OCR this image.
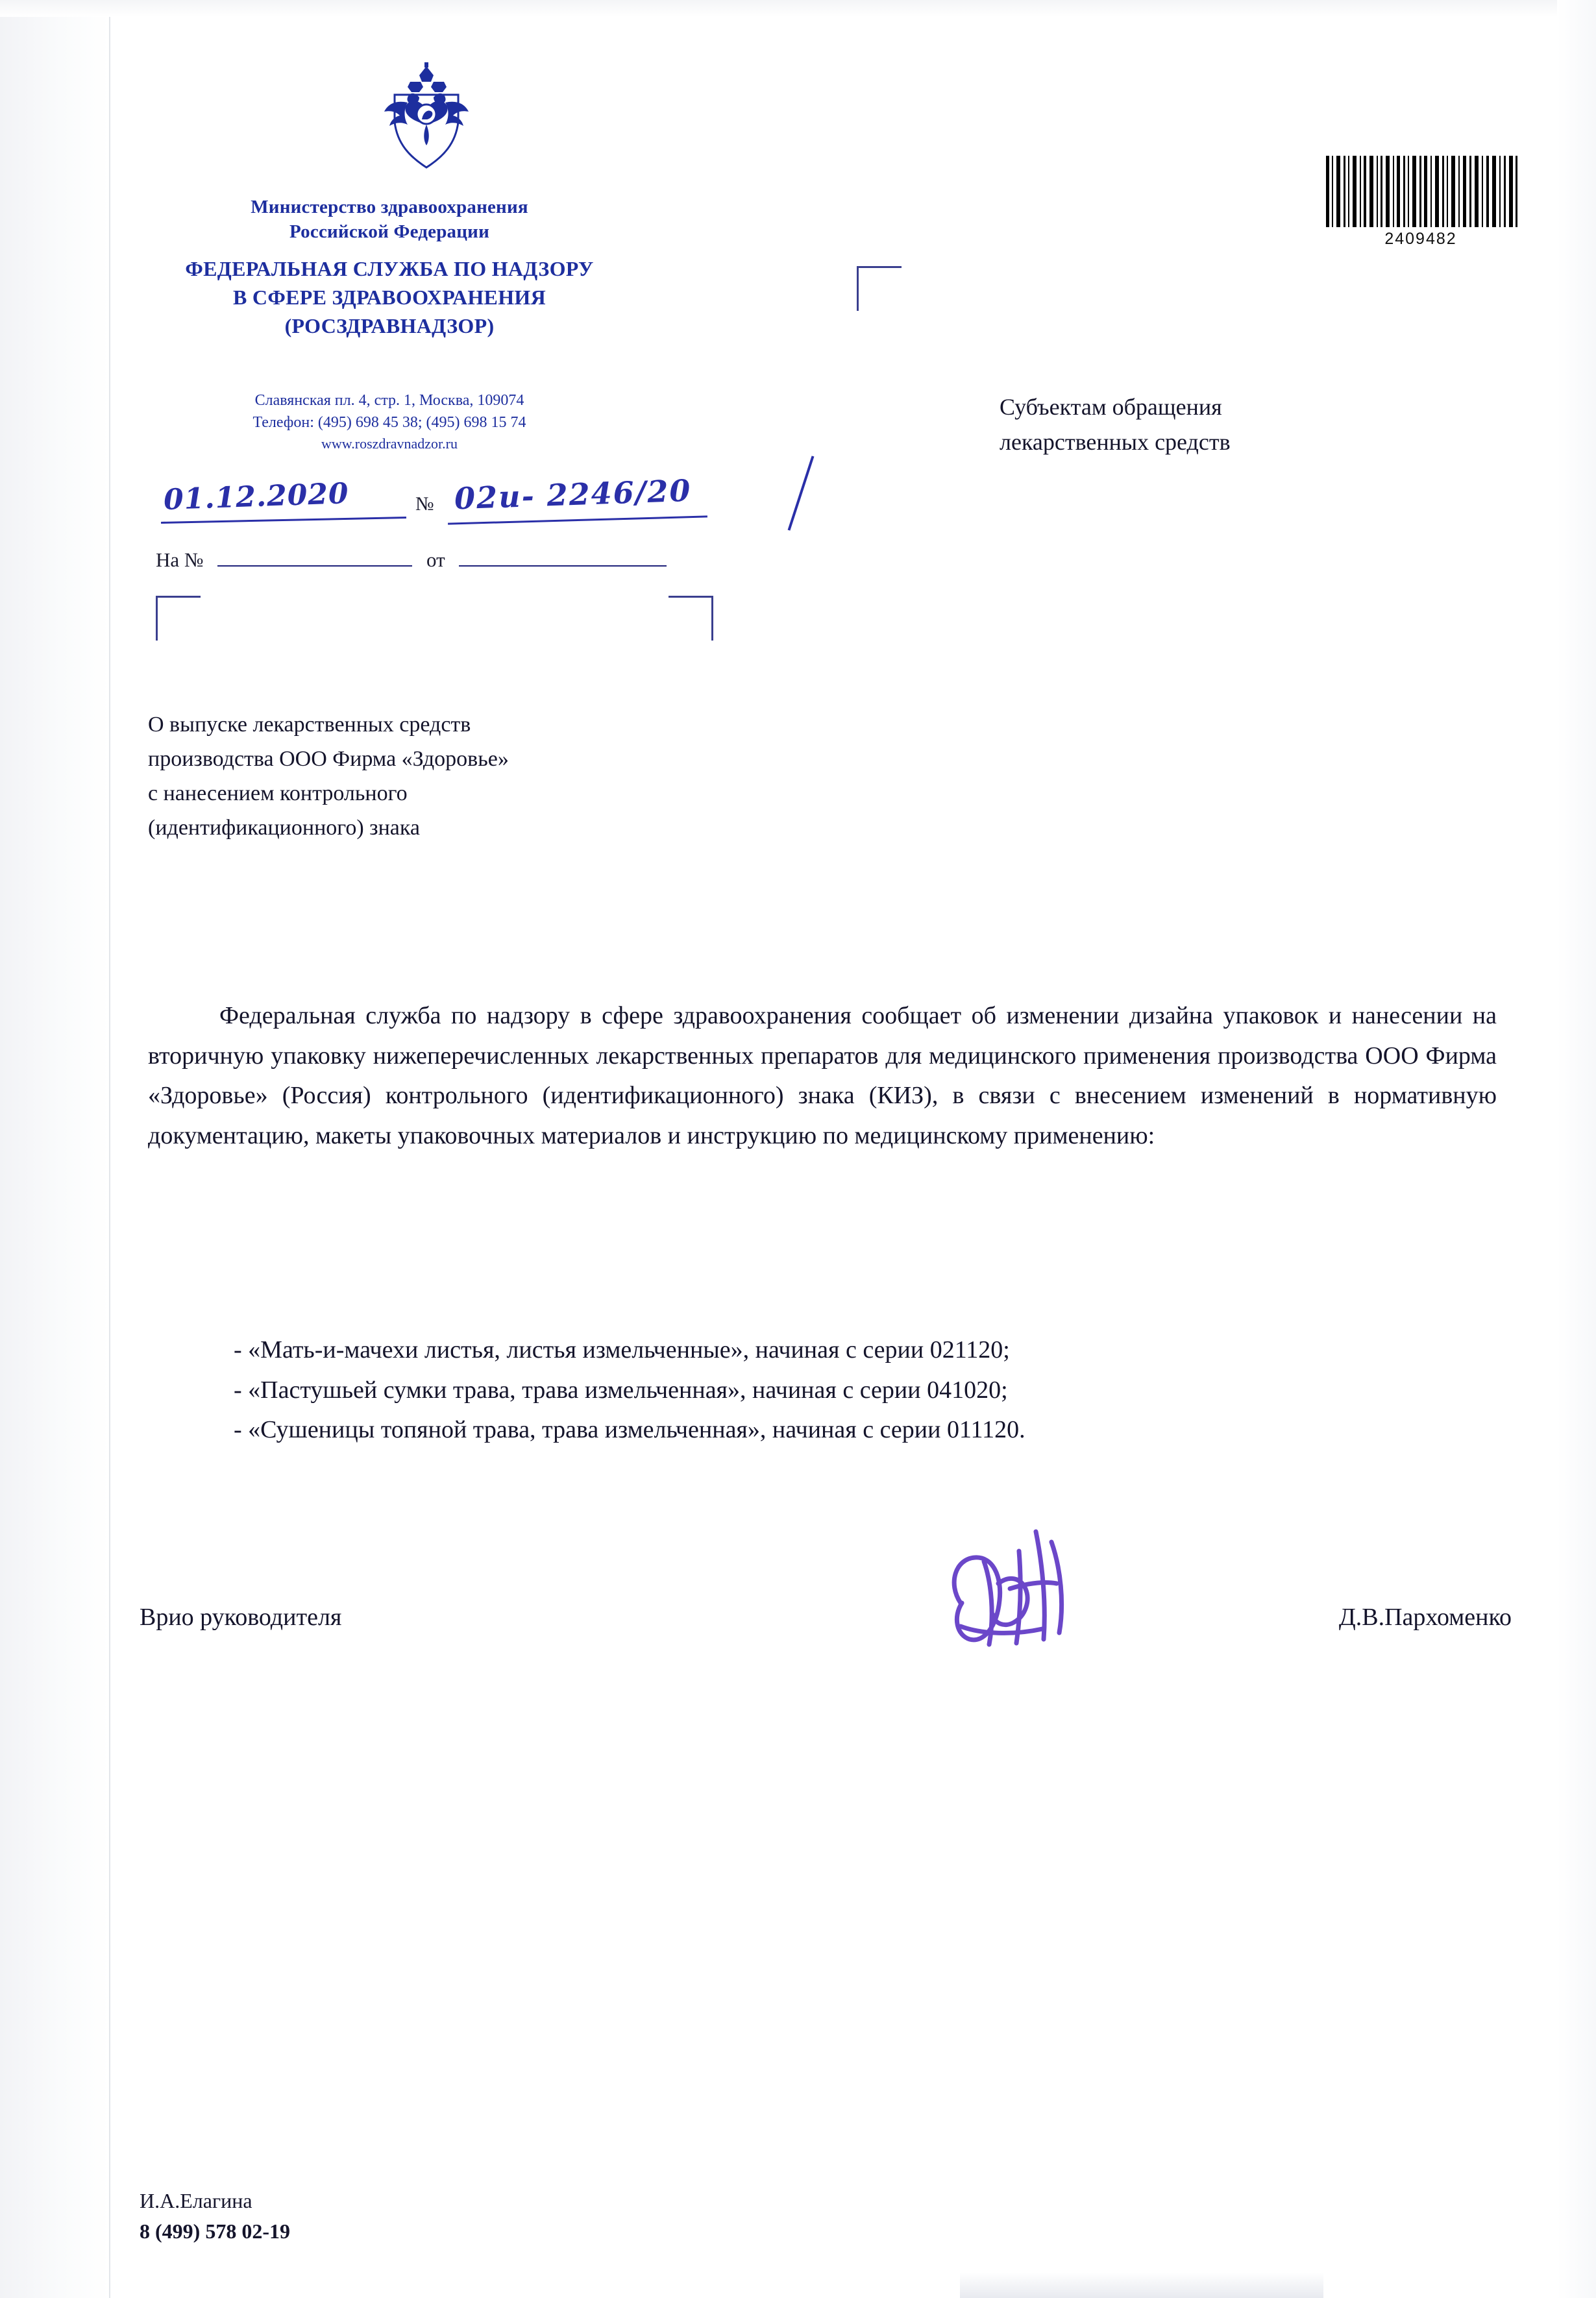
Министерство здравоохранения
Российской Федерации
ФЕДЕРАЛЬНАЯ СЛУЖБА ПО НАДЗОРУ
В СФЕРЕ ЗДРАВООХРАНЕНИЯ
(РОСЗДРАВНАДЗОР)
Славянская пл. 4, стр. 1, Москва, 109074
Телефон: (495) 698 45 38; (495) 698 15 74
www.roszdravnadzor.ru
2409482
Субъектам обращения
лекарственных средств
01.12.2020	№ 02и- 2246/20
На №	от
О выпуске лекарственных средств
производства ООО Фирма «Здоровье»
с нанесением контрольного
(идентификационного) знака

Федеральная служба по надзору в сфере здравоохранения сообщает об изменении дизайна упаковок и нанесении на вторичную упаковку нижеперечисленных лекарственных препаратов для медицинского применения производства ООО Фирма «Здоровье» (Россия) контрольного (идентификационного) знака (КИЗ), в связи с внесением изменений в нормативную документацию, макеты упаковочных материалов и инструкцию по медицинскому применению:

- «Мать-и-мачехи листья, листья измельченные», начиная с серии 021120;
- «Пастушьей сумки трава, трава измельченная», начиная с серии 041020;
- «Сушеницы топяной трава, трава измельченная», начиная с серии 011120.
Врио руководителя	Д.В.Пархоменко
И.А.Елагина
8 (499) 578 02-19
